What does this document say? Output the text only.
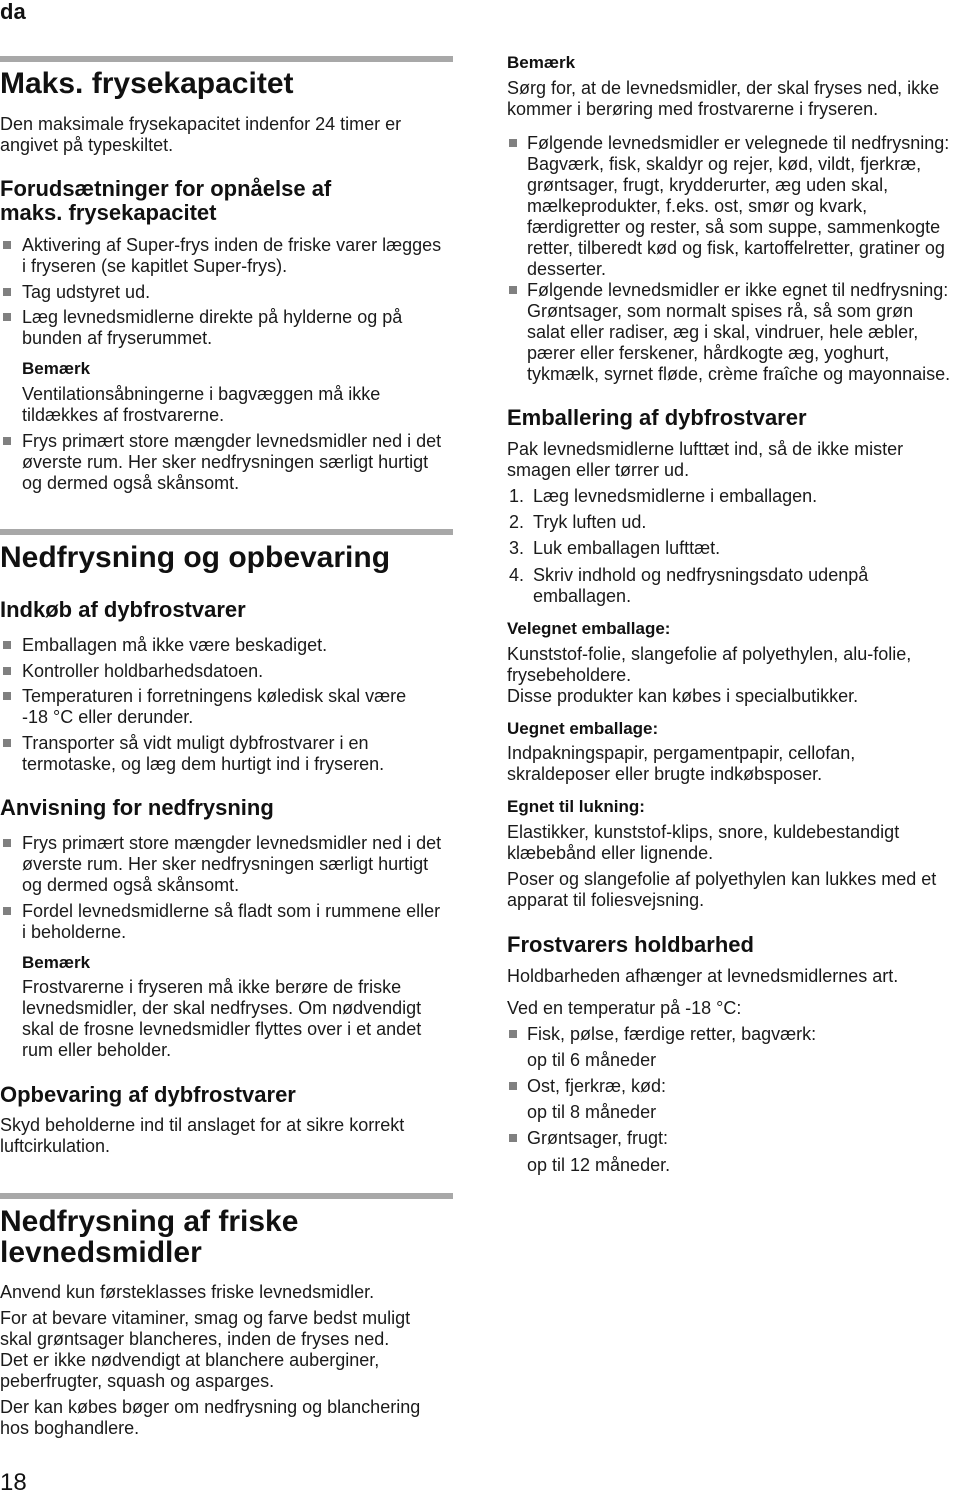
da
Maks. frysekapacitet
Den maksimale frysekapacitet indenfor 24 timer er
angivet på typeskiltet.
Forudsætninger for opnåelse af
maks. frysekapacitet
Aktivering af Super-frys inden de friske varer lægges
i fryseren (se kapitlet Super-frys).
Tag udstyret ud.
Læg levnedsmidlerne direkte på hylderne og på
bunden af fryserummet.
Bemærk
Ventilationsåbningerne i bagvæggen må ikke
tildækkes af frostvarerne.
Frys primært store mængder levnedsmidler ned i det
øverste rum. Her sker nedfrysningen særligt hurtigt
og dermed også skånsomt.
Nedfrysning og opbevaring
Indkøb af dybfrostvarer
Emballagen må ikke være beskadiget.
Kontroller holdbarhedsdatoen.
Temperaturen i forretningens køledisk skal være
-18 °C eller derunder.
Transporter så vidt muligt dybfrostvarer i en
termotaske, og læg dem hurtigt ind i fryseren.
Anvisning for nedfrysning
Frys primært store mængder levnedsmidler ned i det
øverste rum. Her sker nedfrysningen særligt hurtigt
og dermed også skånsomt.
Fordel levnedsmidlerne så fladt som i rummene eller
i beholderne.
Bemærk
Frostvarerne i fryseren må ikke berøre de friske
levnedsmidler, der skal nedfryses. Om nødvendigt
skal de frosne levnedsmidler flyttes over i et andet
rum eller beholder.
Opbevaring af dybfrostvarer
Skyd beholderne ind til anslaget for at sikre korrekt
luftcirkulation.
Nedfrysning af friske
levnedsmidler
Anvend kun førsteklasses friske levnedsmidler.
For at bevare vitaminer, smag og farve bedst muligt
skal grøntsager blancheres, inden de fryses ned.
Det er ikke nødvendigt at blanchere auberginer,
peberfrugter, squash og asparges.
Der kan købes bøger om nedfrysning og blanchering
hos boghandlere.
Bemærk
Sørg for, at de levnedsmidler, der skal fryses ned, ikke
kommer i berøring med frostvarerne i fryseren.
Følgende levnedsmidler er velegnede til nedfrysning:
Bagværk, fisk, skaldyr og rejer, kød, vildt, fjerkræ,
grøntsager, frugt, krydderurter, æg uden skal,
mælkeprodukter, f.eks. ost, smør og kvark,
færdigretter og rester, så som suppe, sammenkogte
retter, tilberedt kød og fisk, kartoffelretter, gratiner og
desserter.
Følgende levnedsmidler er ikke egnet til nedfrysning:
Grøntsager, som normalt spises rå, så som grøn
salat eller radiser, æg i skal, vindruer, hele æbler,
pærer eller ferskener, hårdkogte æg, yoghurt,
tykmælk, syrnet fløde, crème fraîche og mayonnaise.
Emballering af dybfrostvarer
Pak levnedsmidlerne lufttæt ind, så de ikke mister
smagen eller tørrer ud.
1. Læg levnedsmidlerne i emballagen.
2. Tryk luften ud.
3. Luk emballagen lufttæt.
4. Skriv indhold og nedfrysningsdato udenpå
emballagen.
Velegnet emballage:
Kunststof-folie, slangefolie af polyethylen, alu-folie,
frysebeholdere.
Disse produkter kan købes i specialbutikker.
Uegnet emballage:
Indpakningspapir, pergamentpapir, cellofan,
skraldeposer eller brugte indkøbsposer.
Egnet til lukning:
Elastikker, kunststof-klips, snore, kuldebestandigt
klæbebånd eller lignende.
Poser og slangefolie af polyethylen kan lukkes med et
apparat til foliesvejsning.
Frostvarers holdbarhed
Holdbarheden afhænger at levnedsmidlernes art.
Ved en temperatur på -18 °C:
Fisk, pølse, færdige retter, bagværk:
op til 6 måneder
Ost, fjerkræ, kød:
op til 8 måneder
Grøntsager, frugt:
op til 12 måneder.
18
